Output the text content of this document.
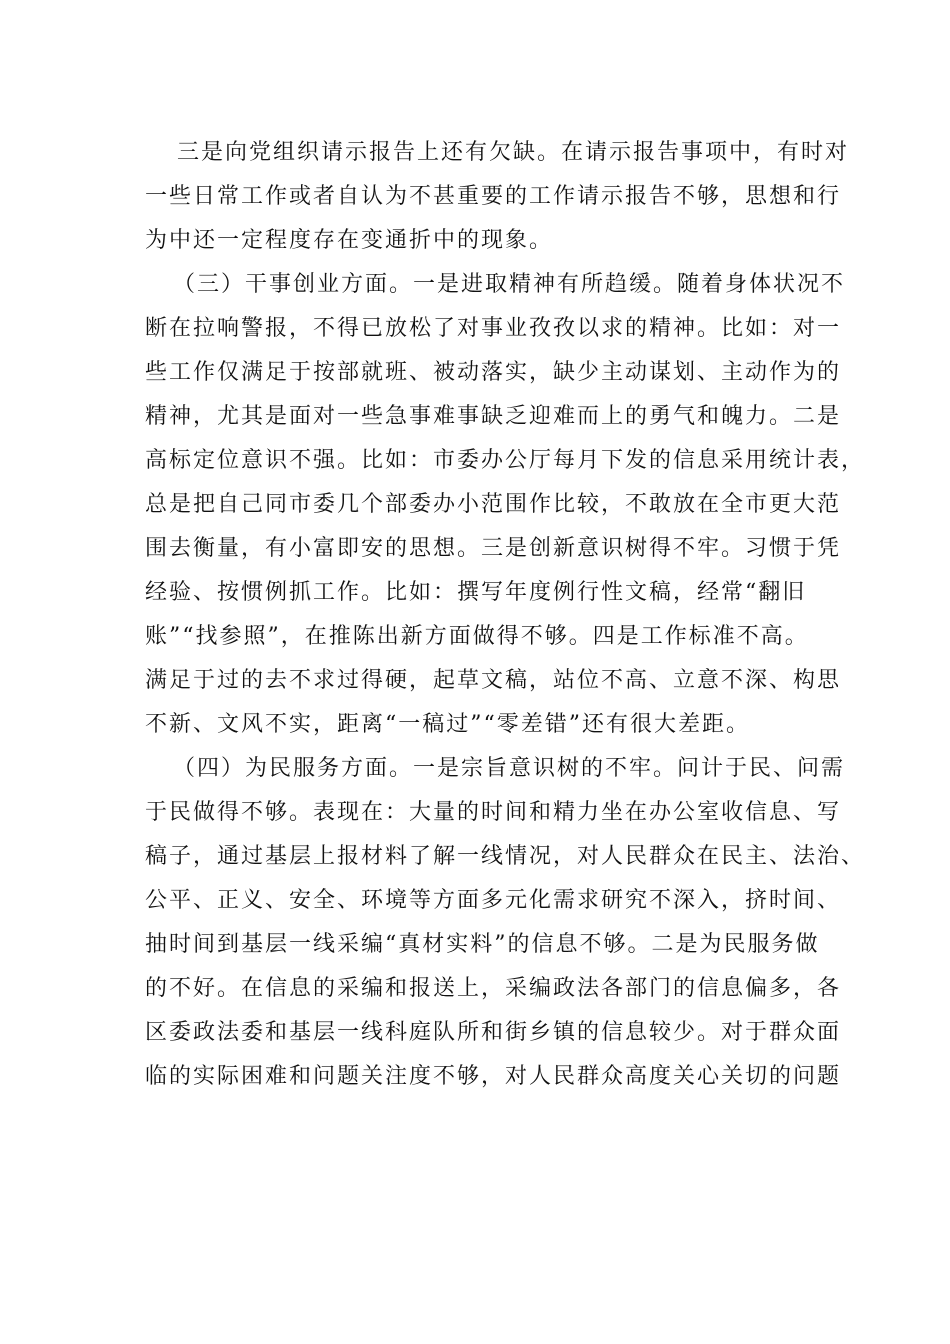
三是向党组织请示报告上还有欠缺。在请示报告事项中，有时对
一些日常工作或者自认为不甚重要的工作请示报告不够，思想和行
为中还一定程度存在变通折中的现象。
（三）干事创业方面。一是进取精神有所趋缓。随着身体状况不
断在拉响警报，不得已放松了对事业孜孜以求的精神。比如：对一
些工作仅满足于按部就班、被动落实，缺少主动谋划、主动作为的
精神，尤其是面对一些急事难事缺乏迎难而上的勇气和魄力。二是
高标定位意识不强。比如：市委办公厅每月下发的信息采用统计表，
总是把自己同市委几个部委办小范围作比较，不敢放在全市更大范
围去衡量，有小富即安的思想。三是创新意识树得不牢。习惯于凭
经验、按惯例抓工作。比如：撰写年度例行性文稿，经常“翻旧
账”“找参照”，在推陈出新方面做得不够。四是工作标准不高。
满足于过的去不求过得硬，起草文稿，站位不高、立意不深、构思
不新、文风不实，距离“一稿过”“零差错”还有很大差距。
（四）为民服务方面。一是宗旨意识树的不牢。问计于民、问需
于民做得不够。表现在：大量的时间和精力坐在办公室收信息、写
稿子，通过基层上报材料了解一线情况，对人民群众在民主、法治、
公平、正义、安全、环境等方面多元化需求研究不深入，挤时间、
抽时间到基层一线采编“真材实料”的信息不够。二是为民服务做
的不好。在信息的采编和报送上，采编政法各部门的信息偏多，各
区委政法委和基层一线科庭队所和街乡镇的信息较少。对于群众面
临的实际困难和问题关注度不够，对人民群众高度关心关切的问题
